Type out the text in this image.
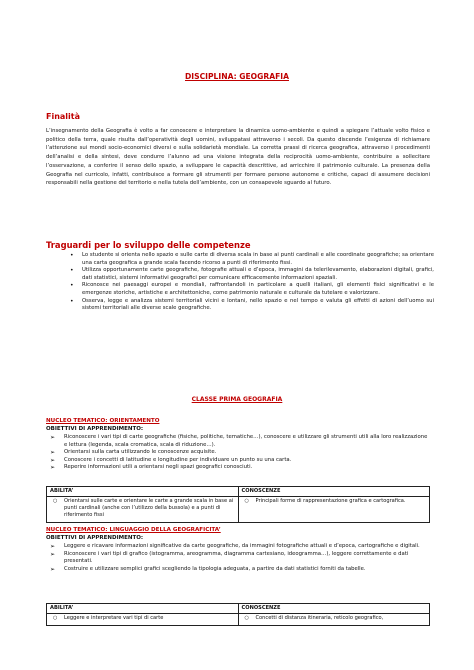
DISCIPLINA: GEOGRAFIA
Finalità

L’insegnamento della Geografia è volto a far conoscere e interpretare la dinamica uomo-ambiente e quindi a spiegare l’attuale volto fisico e politico della terra, quale risulta dall’operatività degli uomini, sviluppatasi attraverso i secoli. Da questo discende l’esigenza di richiamare l’attenzione sui mondi socio-economici diversi e sulla solidarietà mondiale. La corretta prassi di ricerca geografica, attraverso i procedimenti dell’analisi e della sintesi, deve condurre l’alunno ad una visione integrata della reciprocità uomo-ambiente, contribuire a sollecitare l’osservazione, a conferire il senso dello spazio, a sviluppare le capacità descrittive, ad arricchire il patrimonio culturale. La presenza della Geografia nel curricolo, infatti, contribuisce a formare gli strumenti per formare persone autonome e critiche, capaci di assumere decisioni responsabili nella gestione del territorio e nella tutela dell’ambiente, con un consapevole sguardo al futuro.

Traguardi per lo sviluppo delle competenze
• Lo studente si orienta nello spazio e sulle carte di diversa scala in base ai punti cardinali e alle coordinate geografiche; sa orientare una carta geografica a grande scala facendo ricorso a punti di riferimento fissi.
• Utilizza opportunamente carte geografiche, fotografie attuali e d’epoca, immagini da telerilevamento, elaborazioni digitali, grafici, dati statistici, sistemi informativi geografici per comunicare efficacemente informazioni spaziali.
• Riconosce nei paesaggi europei e mondiali, raffrontandoli in particolare a quelli italiani, gli elementi fisici significativi e le emergenze storiche, artistiche e architettoniche, come patrimonio naturale e culturale da tutelare e valorizzare.
• Osserva, legge e analizza sistemi territoriali vicini e lontani, nello spazio e nel tempo e valuta gli effetti di azioni dell’uomo sui sistemi territoriali alle diverse scale geografiche.
CLASSE PRIMA GEOGRAFIA
NUCLEO TEMATICO: ORIENTAMENTO
OBIETTIVI DI APPRENDIMENTO:
➢ Riconoscere i vari tipi di carte geografiche (fisiche, politiche, tematiche…), conoscere e utilizzare gli strumenti utili alla loro realizzazione e lettura (legenda, scala cromatica, scala di riduzione…).
➢ Orientarsi sulla carta utilizzando le conoscenze acquisite.
➢ Conoscere i concetti di latitudine e longitudine per individuare un punto su una carta.
➢ Reperire informazioni utili a orientarsi negli spazi geografici conosciuti.
ABILITA’	CONOSCENZE

○ Orientarsi sulle carte e orientare le carte a grande scala in base ai punti cardinali (anche con l’utilizzo della bussola) e a punti di riferimento fissi	○ Principali forme di rappresentazione grafica e cartografica.
NUCLEO TEMATICO: LINGUAGGIO DELLA GEOGRAFICITA’
OBIETTIVI DI APPRENDIMENTO:
➢ Leggere e ricavare informazioni significative da carte geografiche, da immagini fotografiche attuali e d’epoca, cartografiche e digitali.
➢ Riconoscere i vari tipi di grafico (istogramma, areogramma, diagramma cartesiano, ideogramma…), leggere correttamente e dati presentati.
➢ Costruire e utilizzare semplici grafici scegliendo la tipologia adeguata, a partire da dati statistici forniti da tabelle.
ABILITA’	CONOSCENZE

○ Leggere e interpretare vari tipi di carte	○ Concetti di distanza itineraria, reticolo geografico,
